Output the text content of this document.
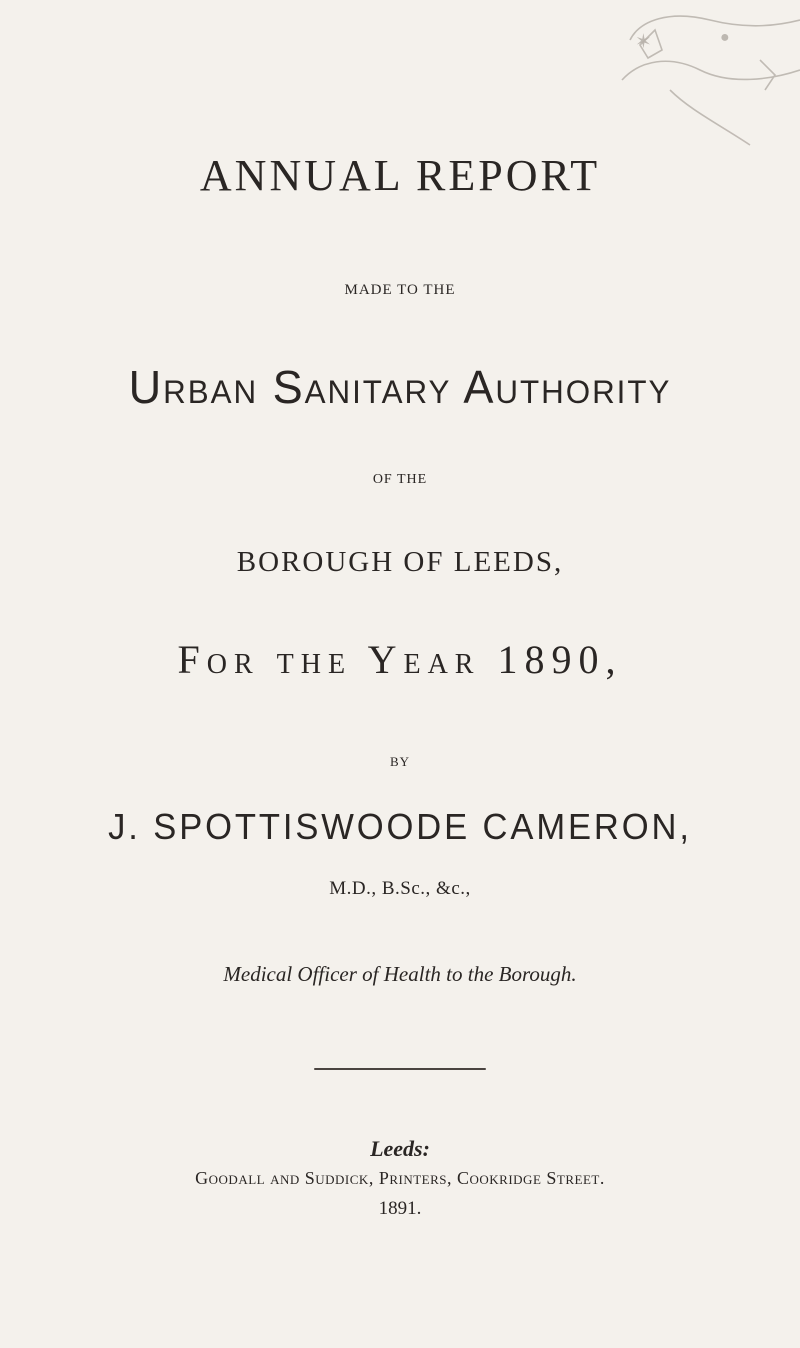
✶	●
ANNUAL REPORT
MADE TO THE
Urban Sanitary Authority
OF THE
BOROUGH OF LEEDS,
For the Year 1890,
BY
J. SPOTTISWOODE CAMERON,
M.D., B.Sc., &c.,
Medical Officer of Health to the Borough.
Leeds:
Goodall and Suddick, Printers, Cookridge Street.
1891.
